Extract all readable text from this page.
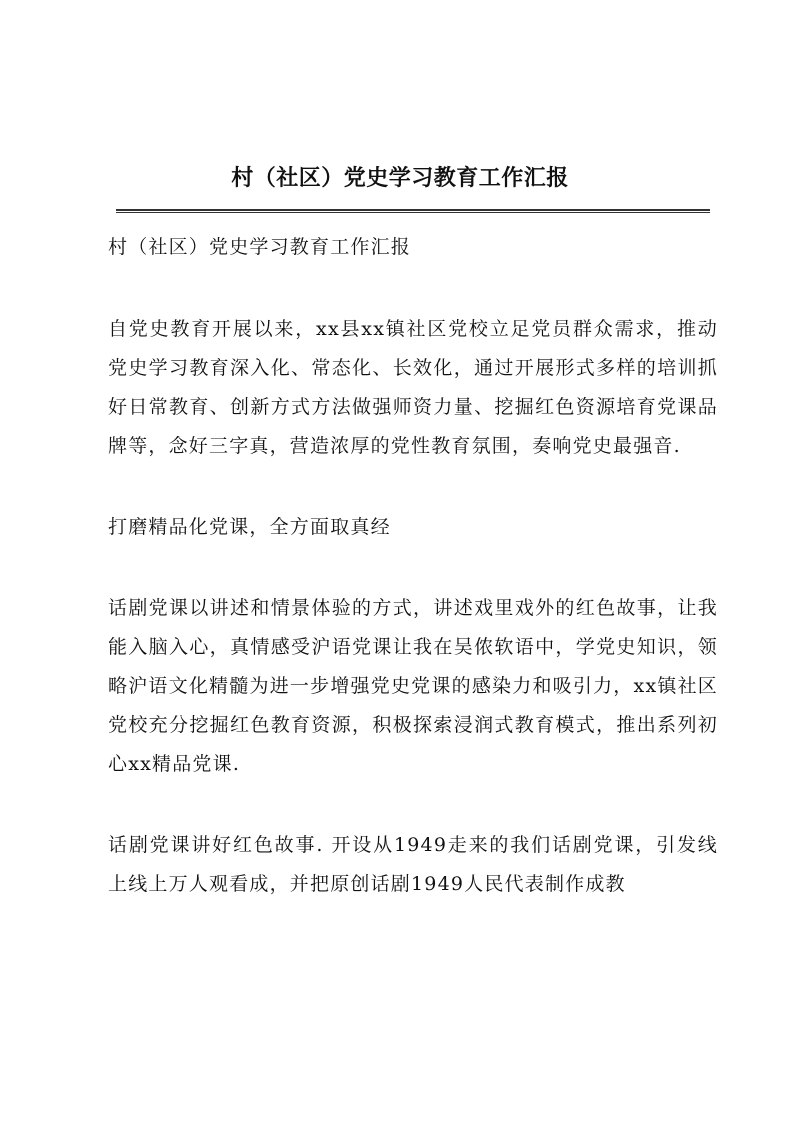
村（社区）党史学习教育工作汇报

村（社区）党史学习教育工作汇报

自党史教育开展以来，xx县xx镇社区党校立足党员群众需求，推动党史学习教育深入化、常态化、长效化，通过开展形式多样的培训抓好日常教育、创新方式方法做强师资力量、挖掘红色资源培育党课品牌等，念好三字真，营造浓厚的党性教育氛围，奏响党史最强音.

打磨精品化党课，全方面取真经

话剧党课以讲述和情景体验的方式，讲述戏里戏外的红色故事，让我能入脑入心，真情感受沪语党课让我在吴侬软语中，学党史知识，领略沪语文化精髓为进一步增强党史党课的感染力和吸引力，xx镇社区党校充分挖掘红色教育资源，积极探索浸润式教育模式，推出系列初心xx精品党课.

话剧党课讲好红色故事. 开设从1949走来的我们话剧党课，引发线上线上万人观看成，并把原创话剧1949人民代表制作成教
